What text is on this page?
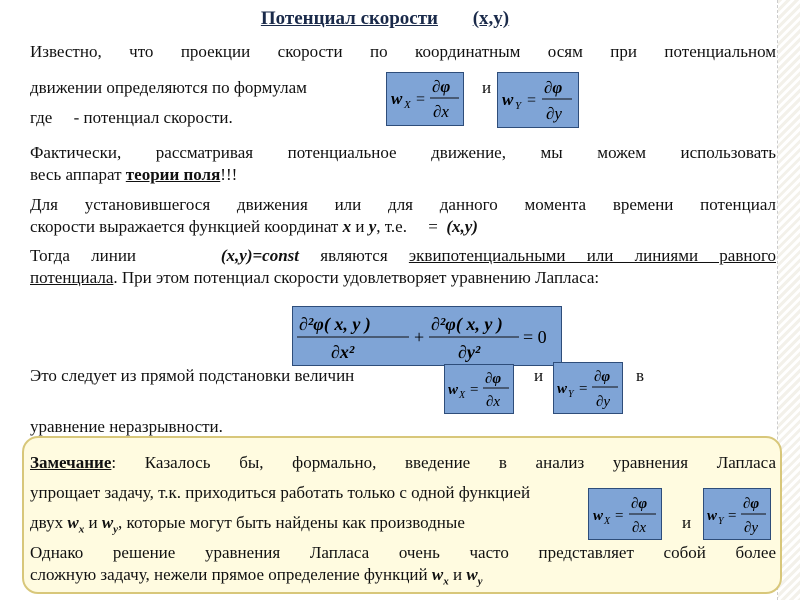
Потенциал скорости (x,y)
Известно, что проекции скорости по координатным осям при потенциальном
движении определяются по формулам
w X =
∂φ
∂x
и
w Y =
∂φ
∂y
где     - потенциал скорости.
Фактически, рассматривая потенциальное движение, мы можем использовать
весь аппарат теории поля!!!
Для установившегося движения или для данного момента времени потенциал
скорости выражается функцией координат x и y, т.е.     =  (x,y)
Тогда линии    (x,y)=const являются эквипотенциальными или линиями равного
потенциала. При этом потенциал скорости удовлетворяет уравнению Лапласа:
∂²φ( x, y )
∂x²
+
∂²φ( x, y )
∂y²
= 0
Это следует из прямой подстановки величин
w X =
∂φ
∂x
и
w Y =
∂φ
∂y
в
уравнение неразрывности.
Замечание: Казалось бы, формально, введение в анализ уравнения Лапласа
упрощает задачу, т.к. приходиться работать только с одной функцией
двух $w_x$ и $w_y$, которые могут быть найдены как производные	w X =
∂φ
∂x и w Y =
∂φ
∂y
Однако решение уравнения Лапласа очень часто представляет собой более
сложную задачу, нежели прямое определение функций $w_x$ и $w_y$
